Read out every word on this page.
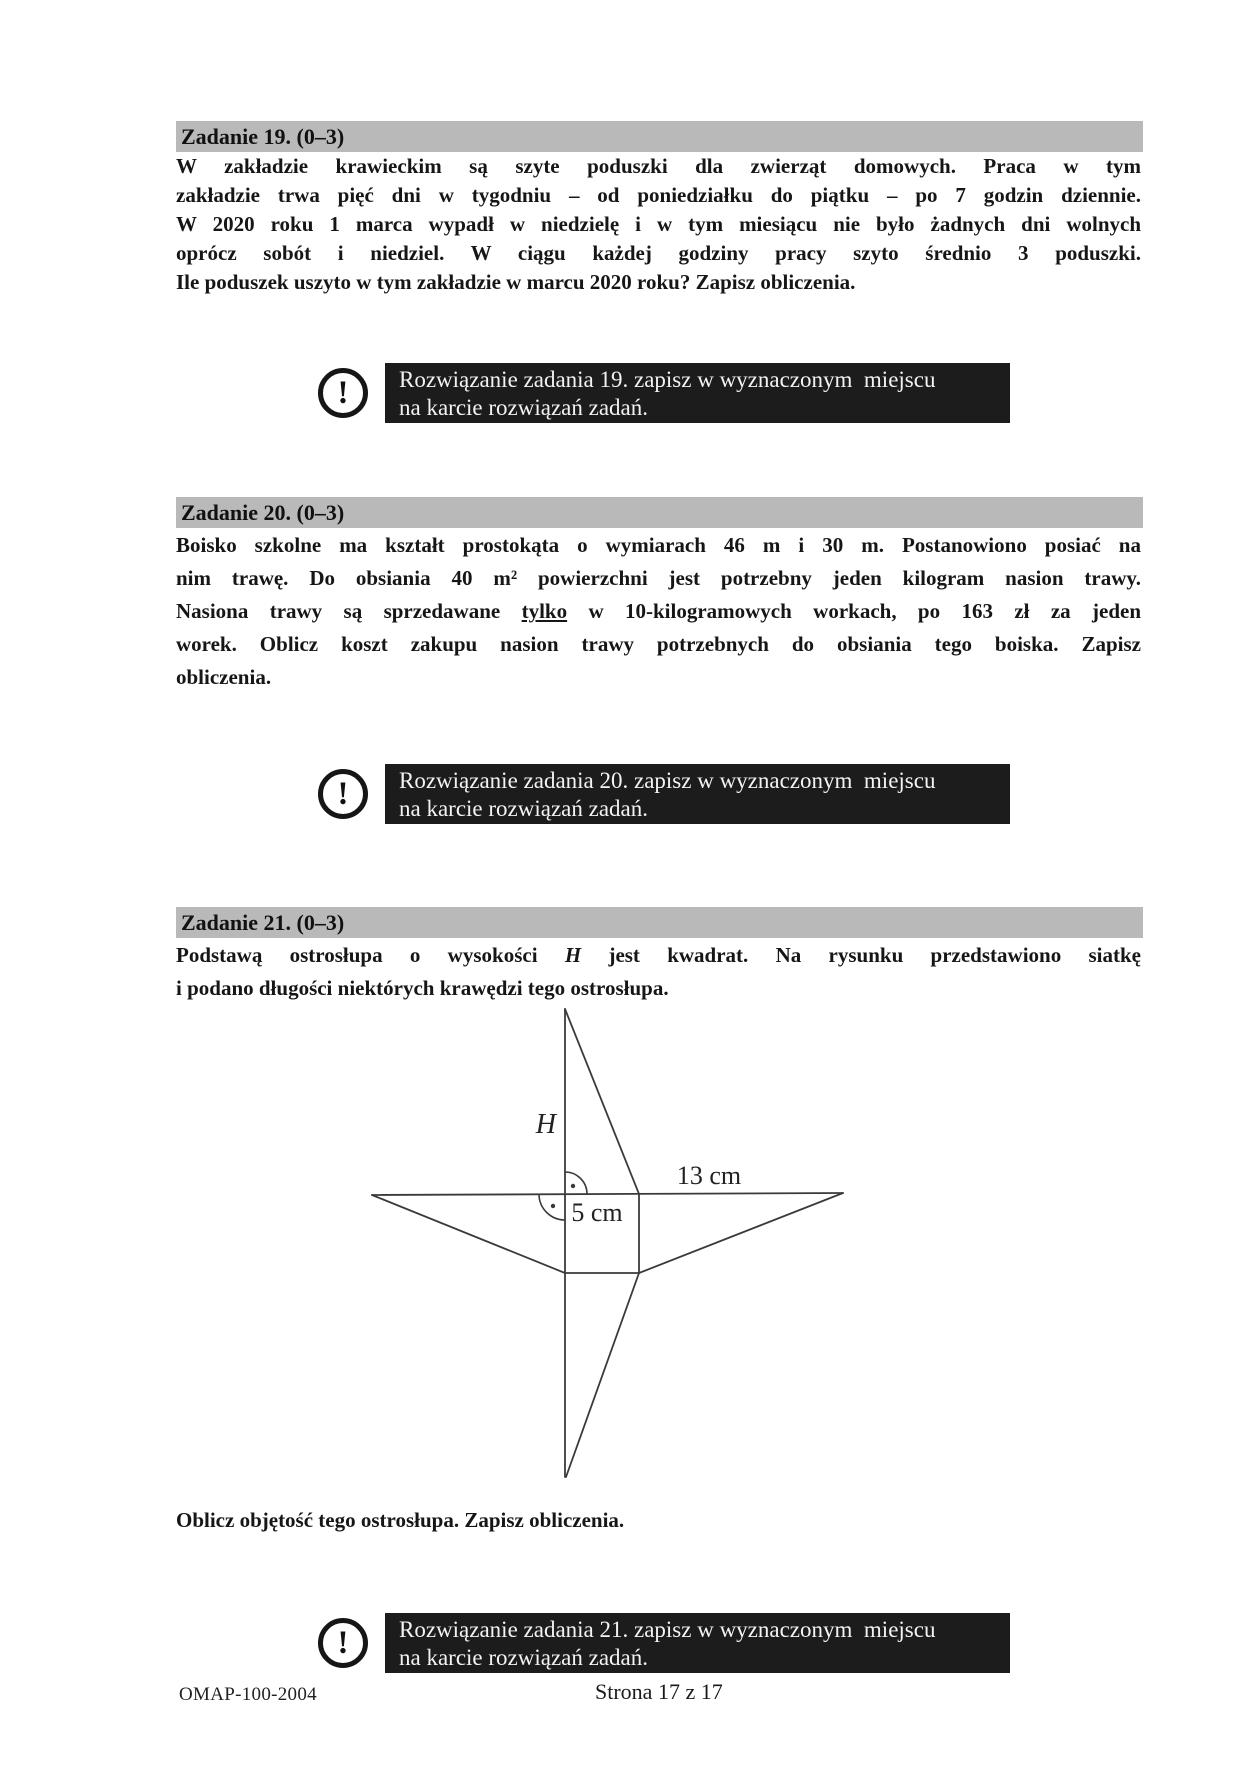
Zadanie 19. (0–3)
W zakładzie krawieckim są szyte poduszki dla zwierząt domowych. Praca w tym
zakładzie trwa pięć dni w tygodniu – od poniedziałku do piątku – po 7 godzin dziennie.
W 2020 roku 1 marca wypadł w niedzielę i w tym miesiącu nie było żadnych dni wolnych
oprócz sobót i niedziel. W ciągu każdej godziny pracy szyto średnio 3 poduszki.
Ile poduszek uszyto w tym zakładzie w marcu 2020 roku? Zapisz obliczenia.
!	Rozwiązanie zadania 19. zapisz w wyznaczonym  miejscu
na karcie rozwiązań zadań.
Zadanie 20. (0–3)
Boisko szkolne ma kształt prostokąta o wymiarach 46 m i 30 m. Postanowiono posiać na
nim trawę. Do obsiania 40 m² powierzchni jest potrzebny jeden kilogram nasion trawy.
Nasiona trawy są sprzedawane tylko w 10-kilogramowych workach, po 163 zł za jeden
worek. Oblicz koszt zakupu nasion trawy potrzebnych do obsiania tego boiska. Zapisz
obliczenia.
!	Rozwiązanie zadania 20. zapisz w wyznaczonym  miejscu
na karcie rozwiązań zadań.
Zadanie 21. (0–3)
Podstawą ostrosłupa o wysokości H jest kwadrat. Na rysunku przedstawiono siatkę
i podano długości niektórych krawędzi tego ostrosłupa.
H
13 cm
5 cm
Oblicz objętość tego ostrosłupa. Zapisz obliczenia.
!	Rozwiązanie zadania 21. zapisz w wyznaczonym  miejscu
na karcie rozwiązań zadań.
OMAP-100-2004	Strona 17 z 17
